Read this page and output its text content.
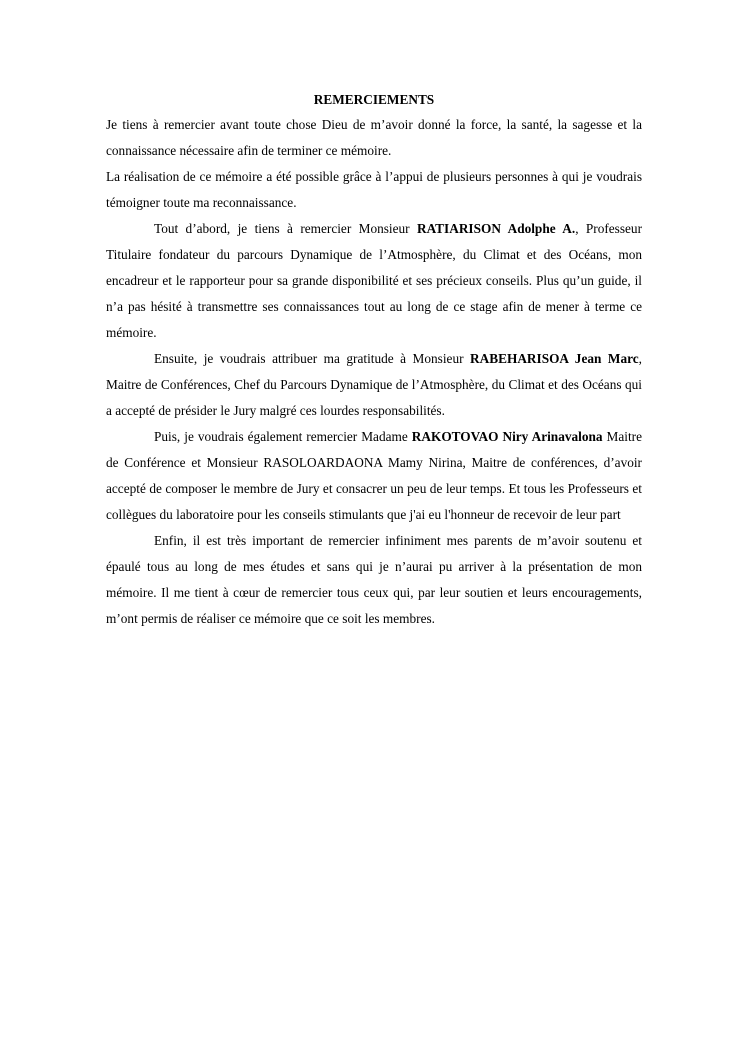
REMERCIEMENTS

Je tiens à remercier avant toute chose Dieu de m’avoir donné la force, la santé, la sagesse et la connaissance nécessaire afin de terminer ce mémoire.

La réalisation de ce mémoire a été possible grâce à l’appui de plusieurs personnes à qui je voudrais témoigner toute ma reconnaissance.

Tout d’abord, je tiens à remercier Monsieur RATIARISON Adolphe A., Professeur Titulaire fondateur du parcours Dynamique de l’Atmosphère, du Climat et des Océans, mon encadreur et le rapporteur pour sa grande disponibilité et ses précieux conseils. Plus qu’un guide, il n’a pas hésité à transmettre ses connaissances tout au long de ce stage afin de mener à terme ce mémoire.

Ensuite, je voudrais attribuer ma gratitude à Monsieur RABEHARISOA Jean Marc, Maitre de Conférences, Chef du Parcours Dynamique de l’Atmosphère, du Climat et des Océans qui a accepté de présider le Jury malgré ces lourdes responsabilités.

Puis, je voudrais également remercier Madame RAKOTOVAO Niry Arinavalona Maitre de Conférence et Monsieur RASOLOARDAONA Mamy Nirina, Maitre de conférences, d’avoir accepté de composer le membre de Jury et consacrer un peu de leur temps. Et tous les Professeurs et collègues du laboratoire pour les conseils stimulants que j'ai eu l'honneur de recevoir de leur part

Enfin, il est très important de remercier infiniment mes parents de m’avoir soutenu et épaulé tous au long de mes études et sans qui je n’aurai pu arriver à la présentation de mon mémoire. Il me tient à cœur de remercier tous ceux qui, par leur soutien et leurs encouragements, m’ont permis de réaliser ce mémoire que ce soit les membres.
